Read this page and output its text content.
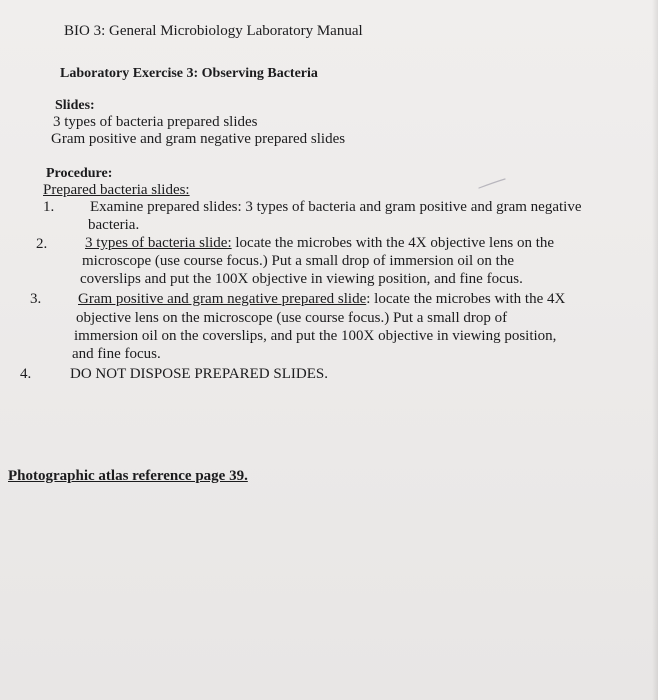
BIO 3: General Microbiology Laboratory Manual
Laboratory Exercise 3: Observing Bacteria
Slides:
3 types of bacteria prepared slides
Gram positive and gram negative prepared slides
Procedure:
Prepared bacteria slides:
1. Examine prepared slides: 3 types of bacteria and gram positive and gram negative
bacteria.
2.	3 types of bacteria slide: locate the microbes with the 4X objective lens on the
microscope (use course focus.) Put a small drop of immersion oil on the
coverslips and put the 100X objective in viewing position, and fine focus.
3. Gram positive and gram negative prepared slide: locate the microbes with the 4X
objective lens on the microscope (use course focus.) Put a small drop of
immersion oil on the coverslips, and put the 100X objective in viewing position,
and fine focus.
4.	DO NOT DISPOSE PREPARED SLIDES.
Photographic atlas reference page 39.
